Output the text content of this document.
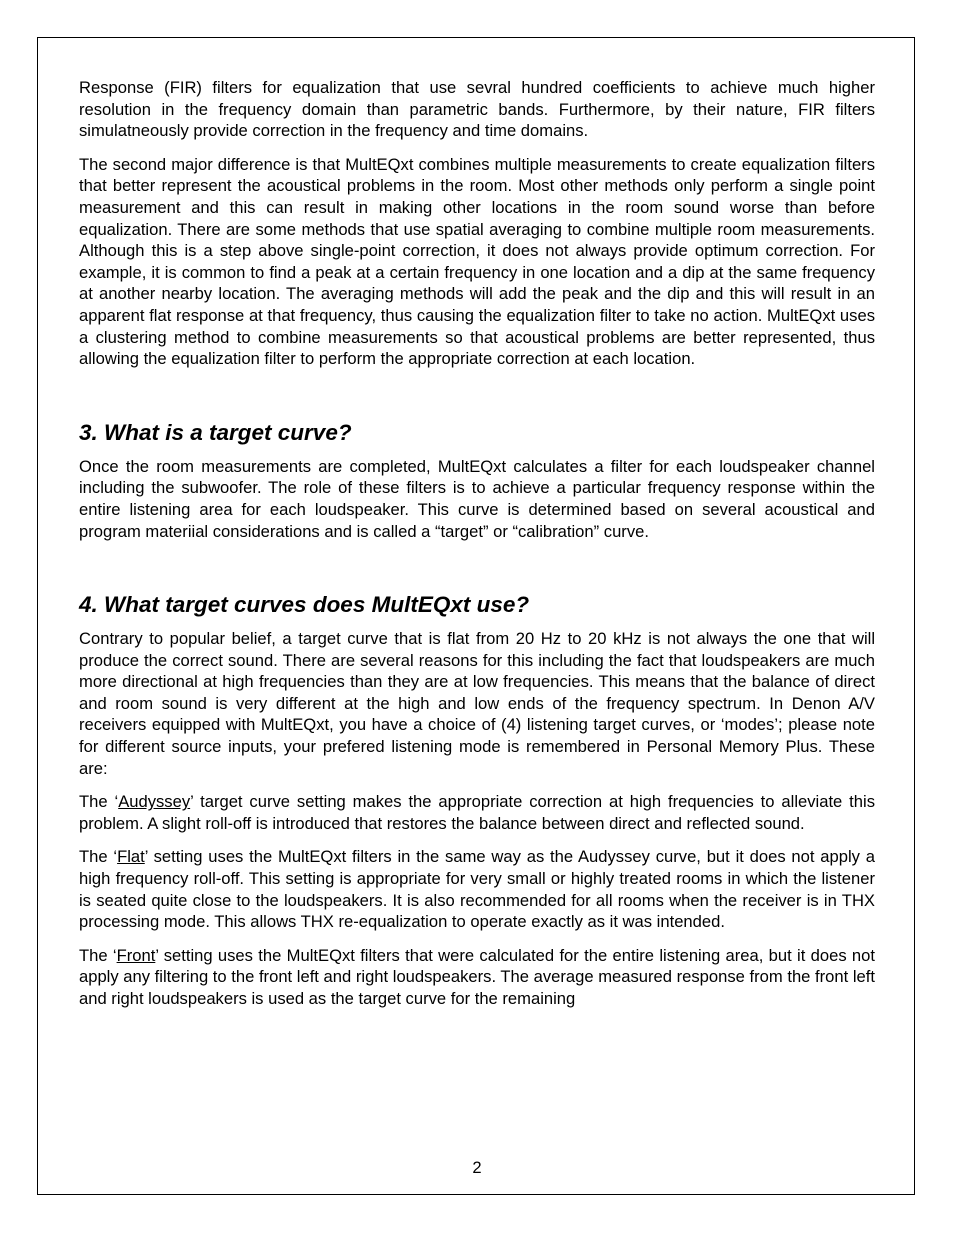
Response (FIR) filters for equalization that use sevral hundred coefficients to achieve much higher resolution in the frequency domain than parametric bands. Furthermore, by their nature, FIR filters simulatneously provide correction in the frequency and time domains.

The second major difference is that MultEQxt combines multiple measurements to create equalization filters that better represent the acoustical problems in the room. Most other methods only perform a single point measurement and this can result in making other locations in the room sound worse than before equalization. There are some methods that use spatial averaging to combine multiple room measurements. Although this is a step above single-point correction, it does not always provide optimum correction. For example, it is common to find a peak at a certain frequency in one location and a dip at the same frequency at another nearby location. The averaging methods will add the peak and the dip and this will result in an apparent flat response at that frequency, thus causing the equalization filter to take no action. MultEQxt uses a clustering method to combine measurements so that acoustical problems are better represented, thus allowing the equalization filter to perform the appropriate correction at each location.

3. What is a target curve?

Once the room measurements are completed, MultEQxt calculates a filter for each loudspeaker channel including the subwoofer. The role of these filters is to achieve a particular frequency response within the entire listening area for each loudspeaker. This curve is determined based on several acoustical and program materiial considerations and is called a “target” or “calibration” curve.

4. What target curves does MultEQxt use?

Contrary to popular belief, a target curve that is flat from 20 Hz to 20 kHz is not always the one that will produce the correct sound. There are several reasons for this including the fact that loudspeakers are much more directional at high frequencies than they are at low frequencies. This means that the balance of direct and room sound is very different at the high and low ends of the frequency spectrum. In Denon A/V receivers equipped with MultEQxt, you have a choice of (4) listening target curves, or ‘modes’; please note for different source inputs, your prefered listening mode is remembered in Personal Memory Plus. These are:

The ‘Audyssey’ target curve setting makes the appropriate correction at high frequencies to alleviate this problem. A slight roll-off is introduced that restores the balance between direct and reflected sound.

The ‘Flat’ setting uses the MultEQxt filters in the same way as the Audyssey curve, but it does not apply a high frequency roll-off. This setting is appropriate for very small or highly treated rooms in which the listener is seated quite close to the loudspeakers. It is also recommended for all rooms when the receiver is in THX processing mode. This allows THX re-equalization to operate exactly as it was intended.

The ‘Front’ setting uses the MultEQxt filters that were calculated for the entire listening area, but it does not apply any filtering to the front left and right loudspeakers. The average measured response from the front left and right loudspeakers is used as the target curve for the remaining

2
